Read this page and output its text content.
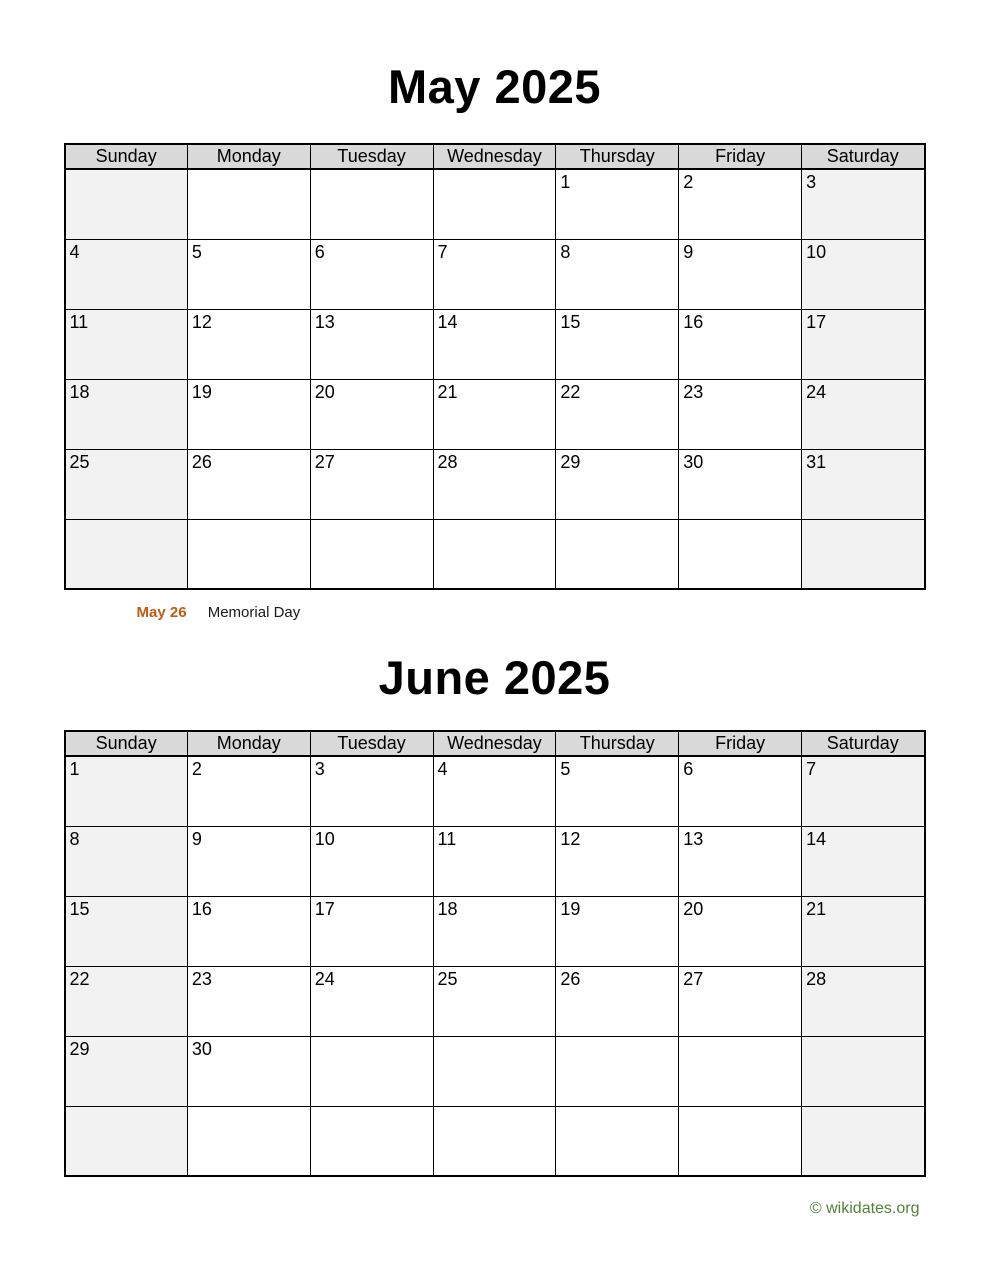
May 2025
Sunday	Monday	Tuesday	Wednesday	Thursday	Friday	Saturday
				1	2	3
4	5	6	7	8	9	10
11	12	13	14	15	16	17
18	19	20	21	22	23	24
25	26	27	28	29	30	31

May 26 Memorial Day
June 2025
Sunday	Monday	Tuesday	Wednesday	Thursday	Friday	Saturday
1	2	3	4	5	6	7
8	9	10	11	12	13	14
15	16	17	18	19	20	21
22	23	24	25	26	27	28
29	30					

© wikidates.org
